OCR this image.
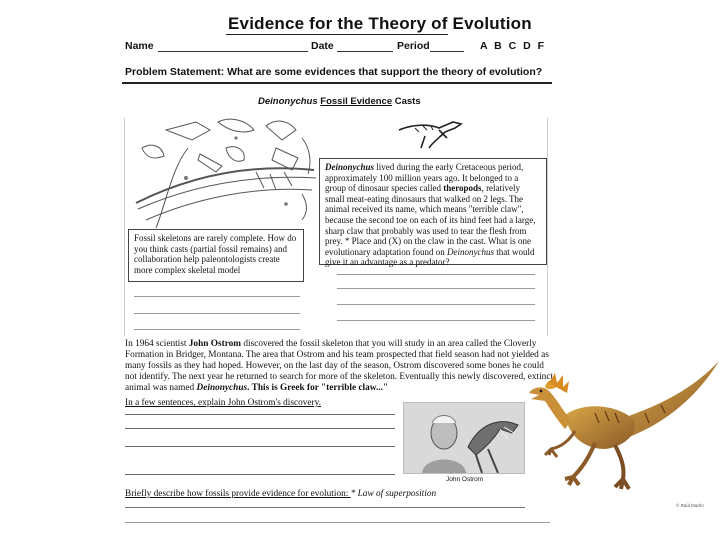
Evidence for the Theory of Evolution
Name	Date	Period	A B C D F
Problem Statement: What are some evidences that support the theory of evolution?
Deinonychus Fossil Evidence Casts
Deinonychus lived during the early Cretaceous period, approximately 100 million years ago. It belonged to a group of dinosaur species called theropods, relatively small meat-eating dinosaurs that walked on 2 legs. The animal received its name, which means "terrible claw", because the second toe on each of its hind feet had a large, sharp claw that probably was used to tear the flesh from prey. * Place and (X) on the claw in the cast. What is one evolutionary adaptation found on Deinonychus that would give it an advantage as a predator?
Fossil skeletons are rarely complete. How do you think casts (partial fossil remains) and collaboration help paleontologists create more complex skeletal model
In 1964 scientist John Ostrom discovered the fossil skeleton that you will study in an area called the Cloverly Formation in Bridger, Montana. The area that Ostrom and his team prospected that field season had not yielded as many fossils as they had hoped. However, on the last day of the season, Ostrom discovered some bones he could not identify. The next year he returned to search for more of the skeleton. Eventually this newly discovered, extinct animal was named Deinonychus. This is Greek for "terrible claw..."
In a few sentences, explain John Ostrom's discovery.
John Ostrom
Briefly describe how fossils provide evidence for evolution: * Law of superposition
© Raúl Martín
